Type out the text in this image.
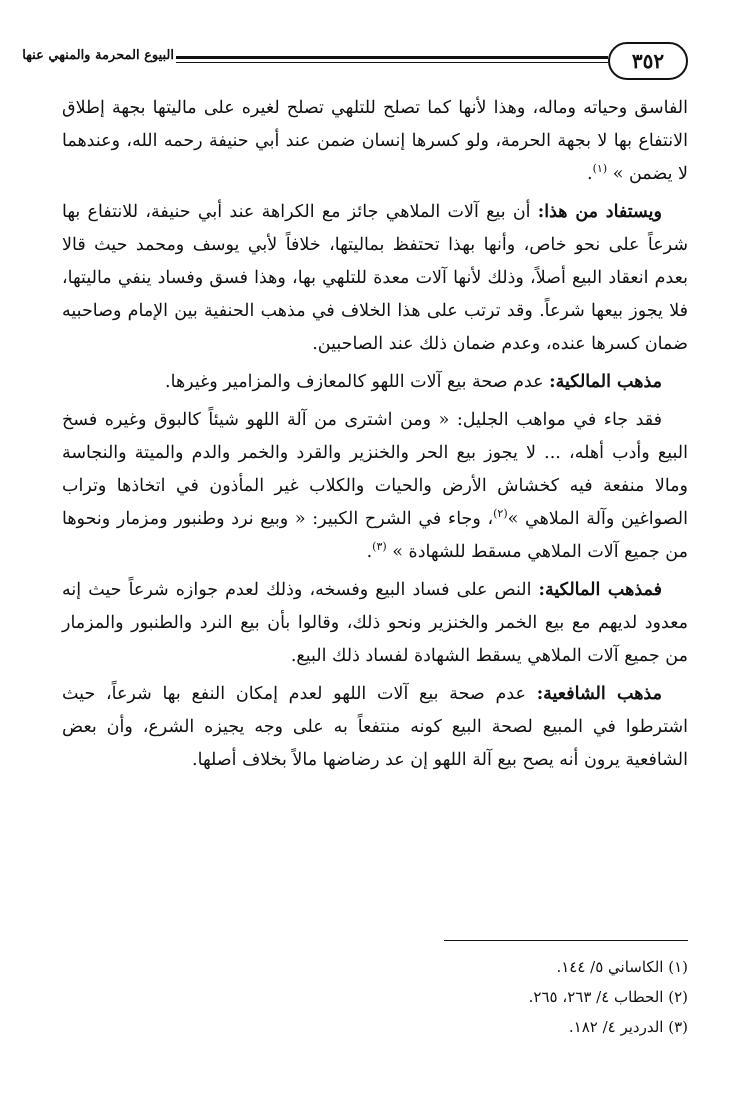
٣٥٢
البيوع المحرمة والمنهي عنها

الفاسق وحياته وماله، وهذا لأنها كما تصلح للتلهي تصلح لغيره على ماليتها بجهة إطلاق الانتفاع بها لا بجهة الحرمة، ولو كسرها إنسان ضمن عند أبي حنيفة رحمه الله، وعندهما لا يضمن » $^{(١)}$.

ويستفاد من هذا: أن بيع آلات الملاهي جائز مع الكراهة عند أبي حنيفة، للانتفاع بها شرعاً على نحو خاص، وأنها بهذا تحتفظ بماليتها، خلافاً لأبي يوسف ومحمد حيث قالا بعدم انعقاد البيع أصلاً، وذلك لأنها آلات معدة للتلهي بها، وهذا فسق وفساد ينفي ماليتها، فلا يجوز بيعها شرعاً. وقد ترتب على هذا الخلاف في مذهب الحنفية بين الإمام وصاحبيه ضمان كسرها عنده، وعدم ضمان ذلك عند الصاحبين.

مذهب المالكية: عدم صحة بيع آلات اللهو كالمعازف والمزامير وغيرها.

فقد جاء في مواهب الجليل: « ومن اشترى من آلة اللهو شيئاً كالبوق وغيره فسخ البيع وأدب أهله، ... لا يجوز بيع الحر والخنزير والقرد والخمر والدم والميتة والنجاسة ومالا منفعة فيه كخشاش الأرض والحيات والكلاب غير المأذون في اتخاذها وتراب الصواغين وآلة الملاهي »$^{(٢)}$، وجاء في الشرح الكبير: « وبيع نرد وطنبور ومزمار ونحوها من جميع آلات الملاهي مسقط للشهادة » $^{(٣)}$.

فمذهب المالكية: النص على فساد البيع وفسخه، وذلك لعدم جوازه شرعاً حيث إنه معدود لديهم مع بيع الخمر والخنزير ونحو ذلك، وقالوا بأن بيع النرد والطنبور والمزمار من جميع آلات الملاهي يسقط الشهادة لفساد ذلك البيع.

مذهب الشافعية: عدم صحة بيع آلات اللهو لعدم إمكان النفع بها شرعاً، حيث اشترطوا في المبيع لصحة البيع كونه منتفعاً به على وجه يجيزه الشرع، وأن بعض الشافعية يرون أنه يصح بيع آلة اللهو إن عد رضاضها مالاً بخلاف أصلها.

(١) الكاساني ٥/ ١٤٤.
(٢) الحطاب ٤/ ٢٦٣، ٢٦٥.
(٣) الدردير ٤/ ١٨٢.
